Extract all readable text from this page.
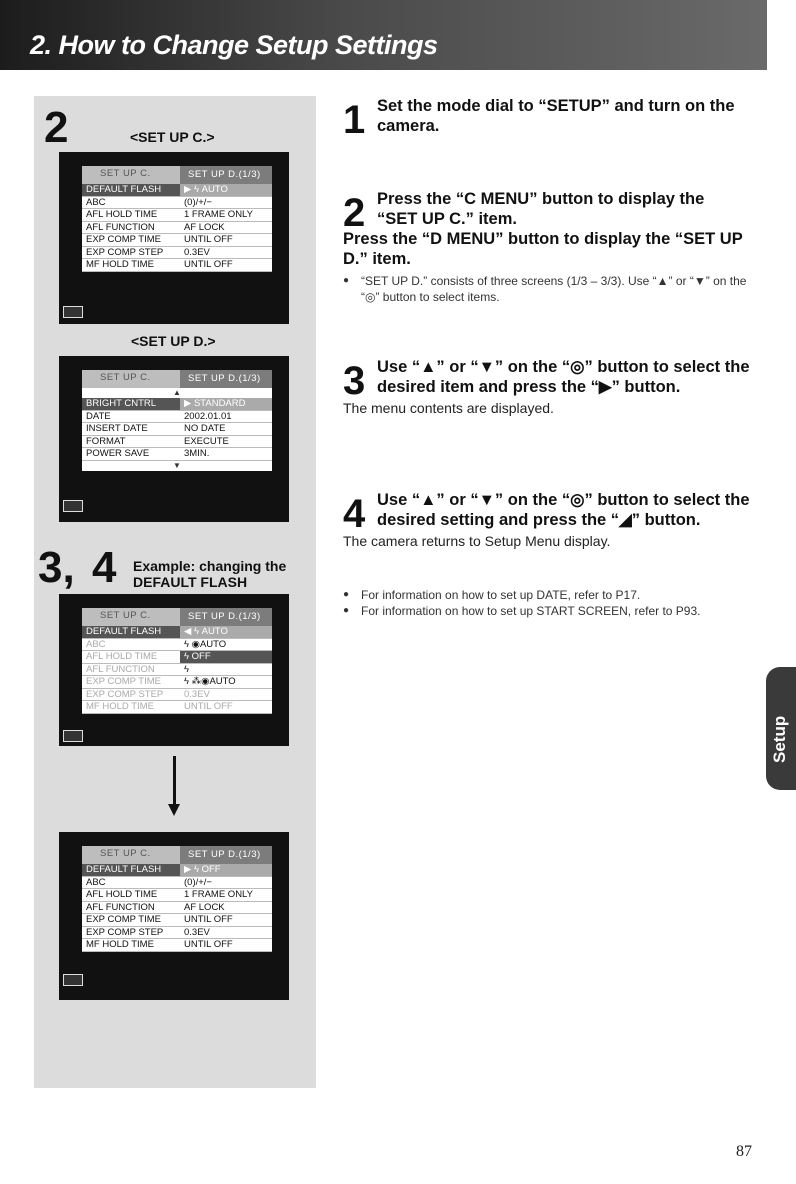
2. How to Change Setup Settings
2	<SET UP C.>
SET UP C.	SET UP D.(1/3)
DEFAULT FLASH	▶ ϟ AUTO
ABC	(0)/+/−
AFL HOLD TIME	1 FRAME ONLY
AFL FUNCTION	AF LOCK
EXP COMP TIME	UNTIL OFF
EXP COMP STEP	0.3EV
MF HOLD TIME	UNTIL OFF
<SET UP D.>
SET UP C.	SET UP D.(1/3)
▲
BRIGHT CNTRL	▶ STANDARD
DATE	2002.01.01
INSERT DATE	NO DATE
FORMAT	EXECUTE
POWER SAVE	3MIN.
▼
3, 4 Example: changing the
DEFAULT FLASH
SET UP C.	SET UP D.(1/3)
DEFAULT FLASH	◀ ϟ AUTO
ABC	ϟ ◉AUTO
AFL HOLD TIME	ϟ OFF
AFL FUNCTION	ϟ
EXP COMP TIME	ϟ ⁂◉AUTO
EXP COMP STEP	0.3EV
MF HOLD TIME	UNTIL OFF
SET UP C.	SET UP D.(1/3)
DEFAULT FLASH	▶ ϟ OFF
ABC	(0)/+/−
AFL HOLD TIME	1 FRAME ONLY
AFL FUNCTION	AF LOCK
EXP COMP TIME	UNTIL OFF
EXP COMP STEP	0.3EV
MF HOLD TIME	UNTIL OFF
1 Set the mode dial to “SETUP” and turn on the camera.
2 Press the “C MENU” button to display the “SET UP C.” item.
Press the “D MENU” button to display the “SET UP D.” item.
● “SET UP D.” consists of three screens (1/3 – 3/3). Use “▲” or “▼” on the “◎” button to select items.
3 Use “▲” or “▼” on the “◎” button to select the desired item and press the “▶” button.
The menu contents are displayed.
4 Use “▲” or “▼” on the “◎” button to select the desired setting and press the “◢” button.
The camera returns to Setup Menu display.
● For information on how to set up DATE, refer to P17.
● For information on how to set up START SCREEN, refer to P93.
Setup
87
